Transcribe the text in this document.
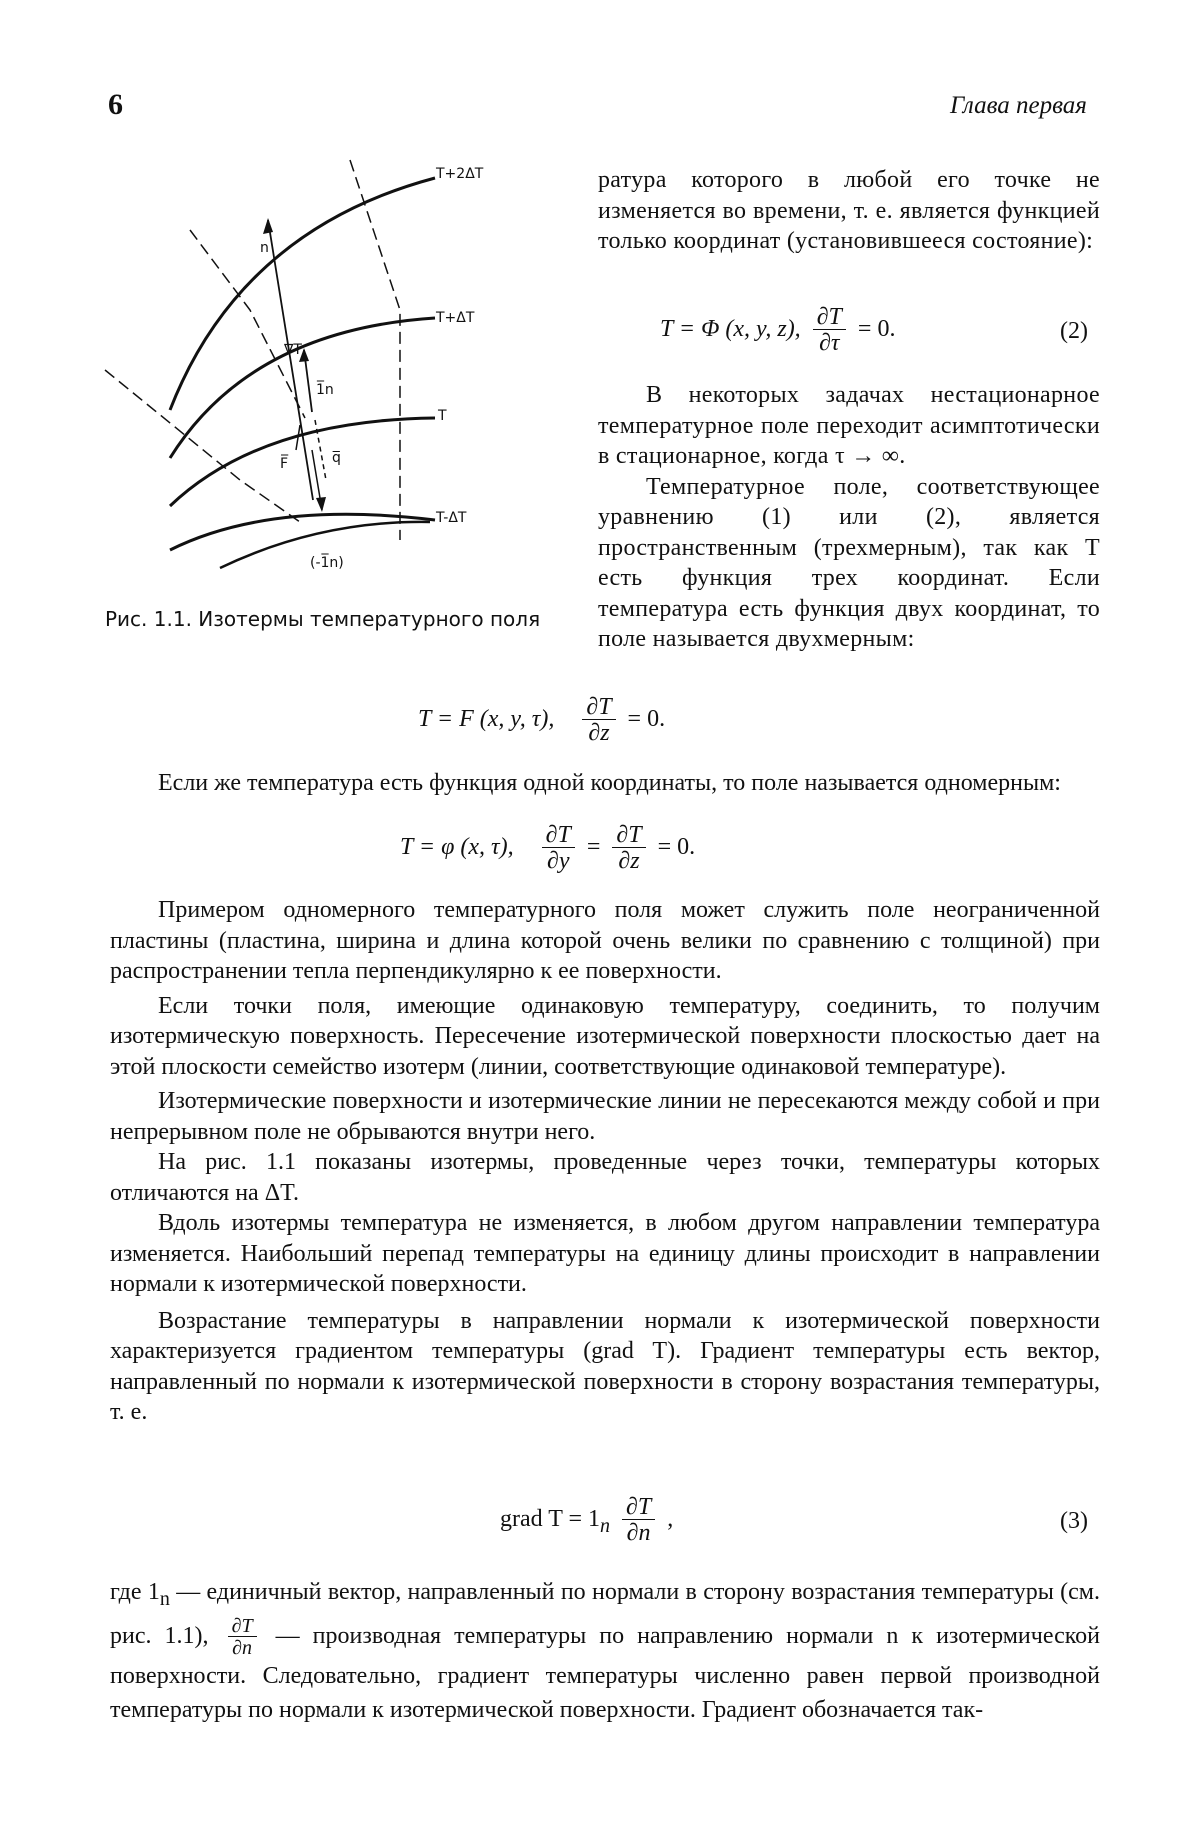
6	Глава первая
T+2ΔT
T+ΔT
T
T-ΔT
n
∇T
1̅n
q̅
F̅
(-1̅n)
Рис. 1.1. Изотермы температурного поля

ратура которого в любой его точке не изменяется во времени, т. е. является функцией только координат (установившееся состояние):

T = Φ (x, y, z), $\frac{\partial T}{\partial\tau} = 0$.	(2)

В некоторых задачах нестационарное температурное поле переходит асимптотически в стационарное, когда τ → ∞.

Температурное поле, соответствующее уравнению (1) или (2), является пространственным (трехмерным), так как T есть функция трех координат. Если температура есть функция двух координат, то поле называется двухмерным:

T = F (x, y, τ), $\frac{\partial T}{\partial z} = 0$.

Если же температура есть функция одной координаты, то поле называется одномерным:

T = φ (x, τ), $\frac{\partial T}{\partial y} = \frac{\partial T}{\partial z} = 0$.

Примером одномерного температурного поля может служить поле неограниченной пластины (пластина, ширина и длина которой очень велики по сравнению с толщиной) при распространении тепла перпендикулярно к ее поверхности.

Если точки поля, имеющие одинаковую температуру, соединить, то получим изотермическую поверхность. Пересечение изотермической поверхности плоскостью дает на этой плоскости семейство изотерм (линии, соответствующие одинаковой температуре).

Изотермические поверхности и изотермические линии не пересекаются между собой и при непрерывном поле не обрываются внутри него.

На рис. 1.1 показаны изотермы, проведенные через точки, температуры которых отличаются на ΔT.

Вдоль изотермы температура не изменяется, в любом другом направлении температура изменяется. Наибольший перепад температуры на единицу длины происходит в направлении нормали к изотермической поверхности.

Возрастание температуры в направлении нормали к изотермической поверхности характеризуется градиентом температуры (grad T). Градиент температуры есть вектор, направленный по нормали к изотермической поверхности в сторону возрастания температуры, т. е.

grad $T = 1_n \frac{\partial T}{\partial n}$ ,	(3)

где $1_n$ — единичный вектор, направленный по нормали в сторону возрастания температуры (см. рис. 1.1), $\frac{\partial T}{\partial n}$ — производная температуры по направлению нормали n к изотермической поверхности. Следовательно, градиент температуры численно равен первой производной температуры по нормали к изотермической поверхности. Градиент обозначается так-
